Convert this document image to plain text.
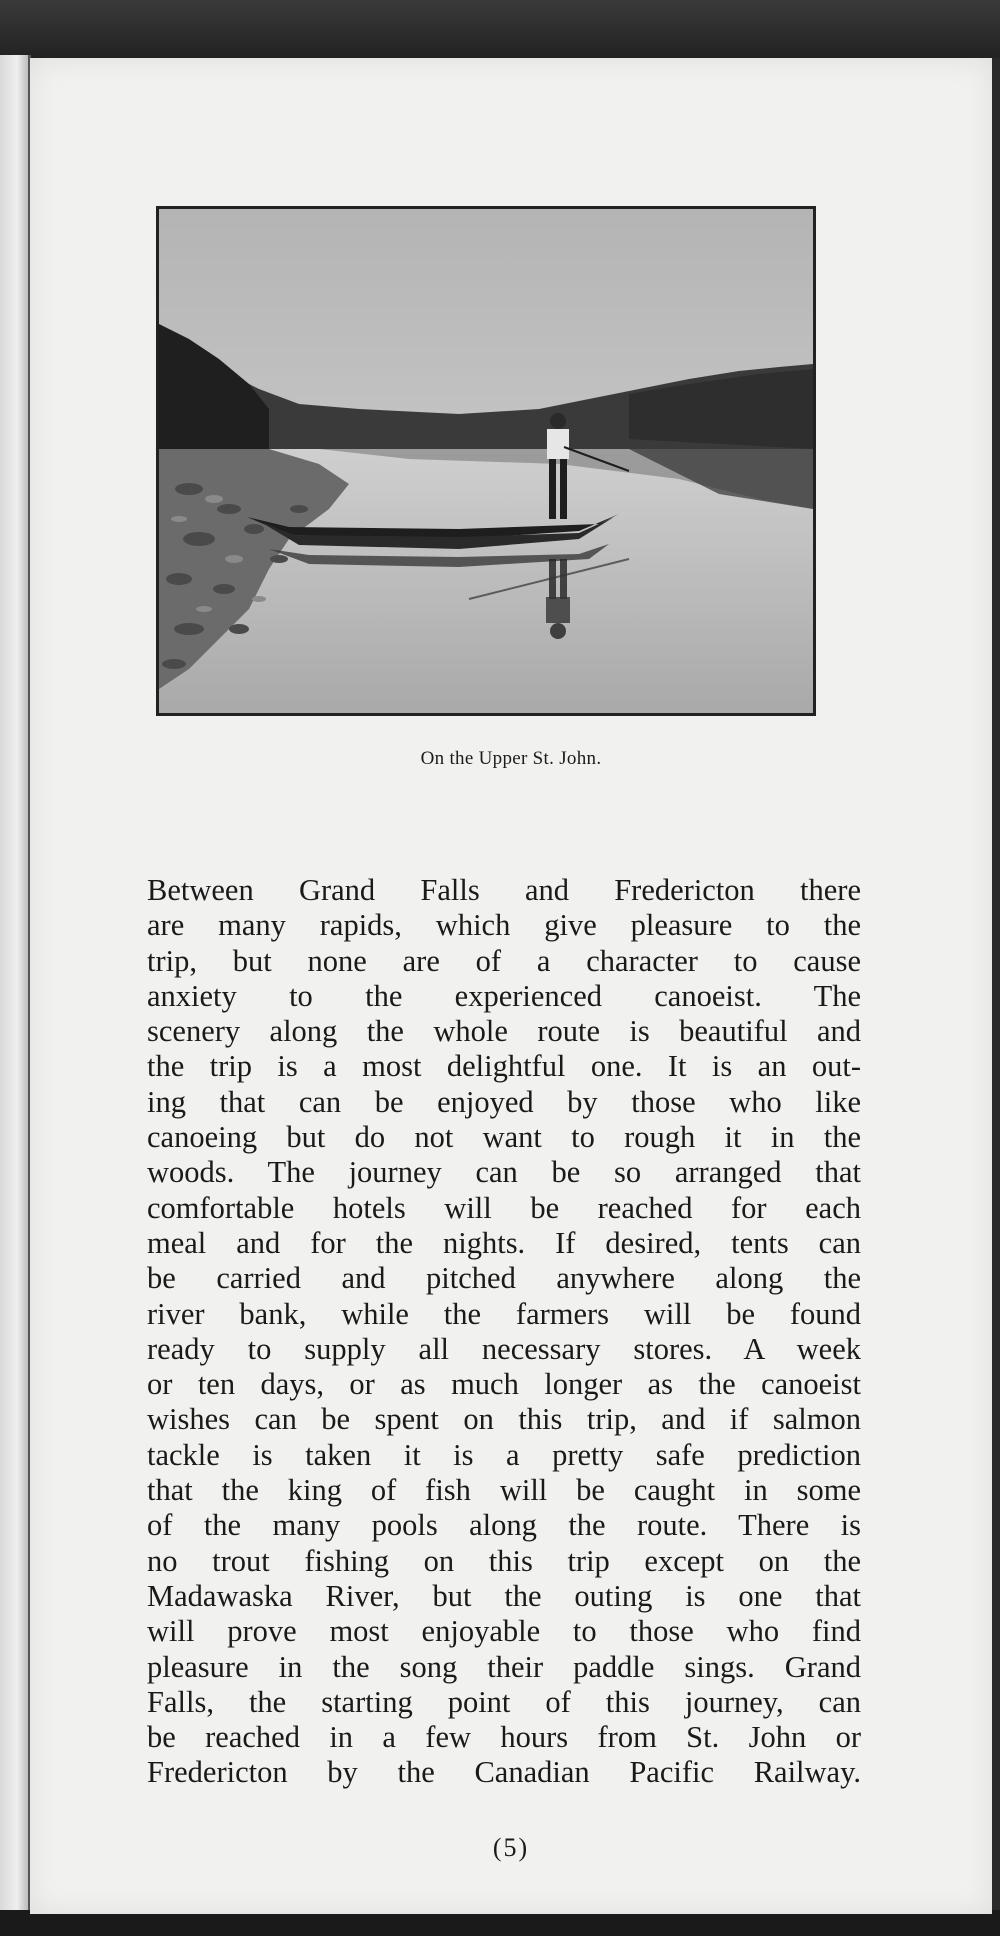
On the Upper St. John.
Between Grand Falls and Fredericton there
are many rapids, which give pleasure to the
trip, but none are of a character to cause
anxiety to the experienced canoeist. The
scenery along the whole route is beautiful and
the trip is a most delightful one. It is an out-
ing that can be enjoyed by those who like
canoeing but do not want to rough it in the
woods. The journey can be so arranged that
comfortable hotels will be reached for each
meal and for the nights. If desired, tents can
be carried and pitched anywhere along the
river bank, while the farmers will be found
ready to supply all necessary stores. A week
or ten days, or as much longer as the canoeist
wishes can be spent on this trip, and if salmon
tackle is taken it is a pretty safe prediction
that the king of fish will be caught in some
of the many pools along the route. There is
no trout fishing on this trip except on the
Madawaska River, but the outing is one that
will prove most enjoyable to those who find
pleasure in the song their paddle sings. Grand
Falls, the starting point of this journey, can
be reached in a few hours from St. John or
Fredericton by the Canadian Pacific Railway.
(5)
